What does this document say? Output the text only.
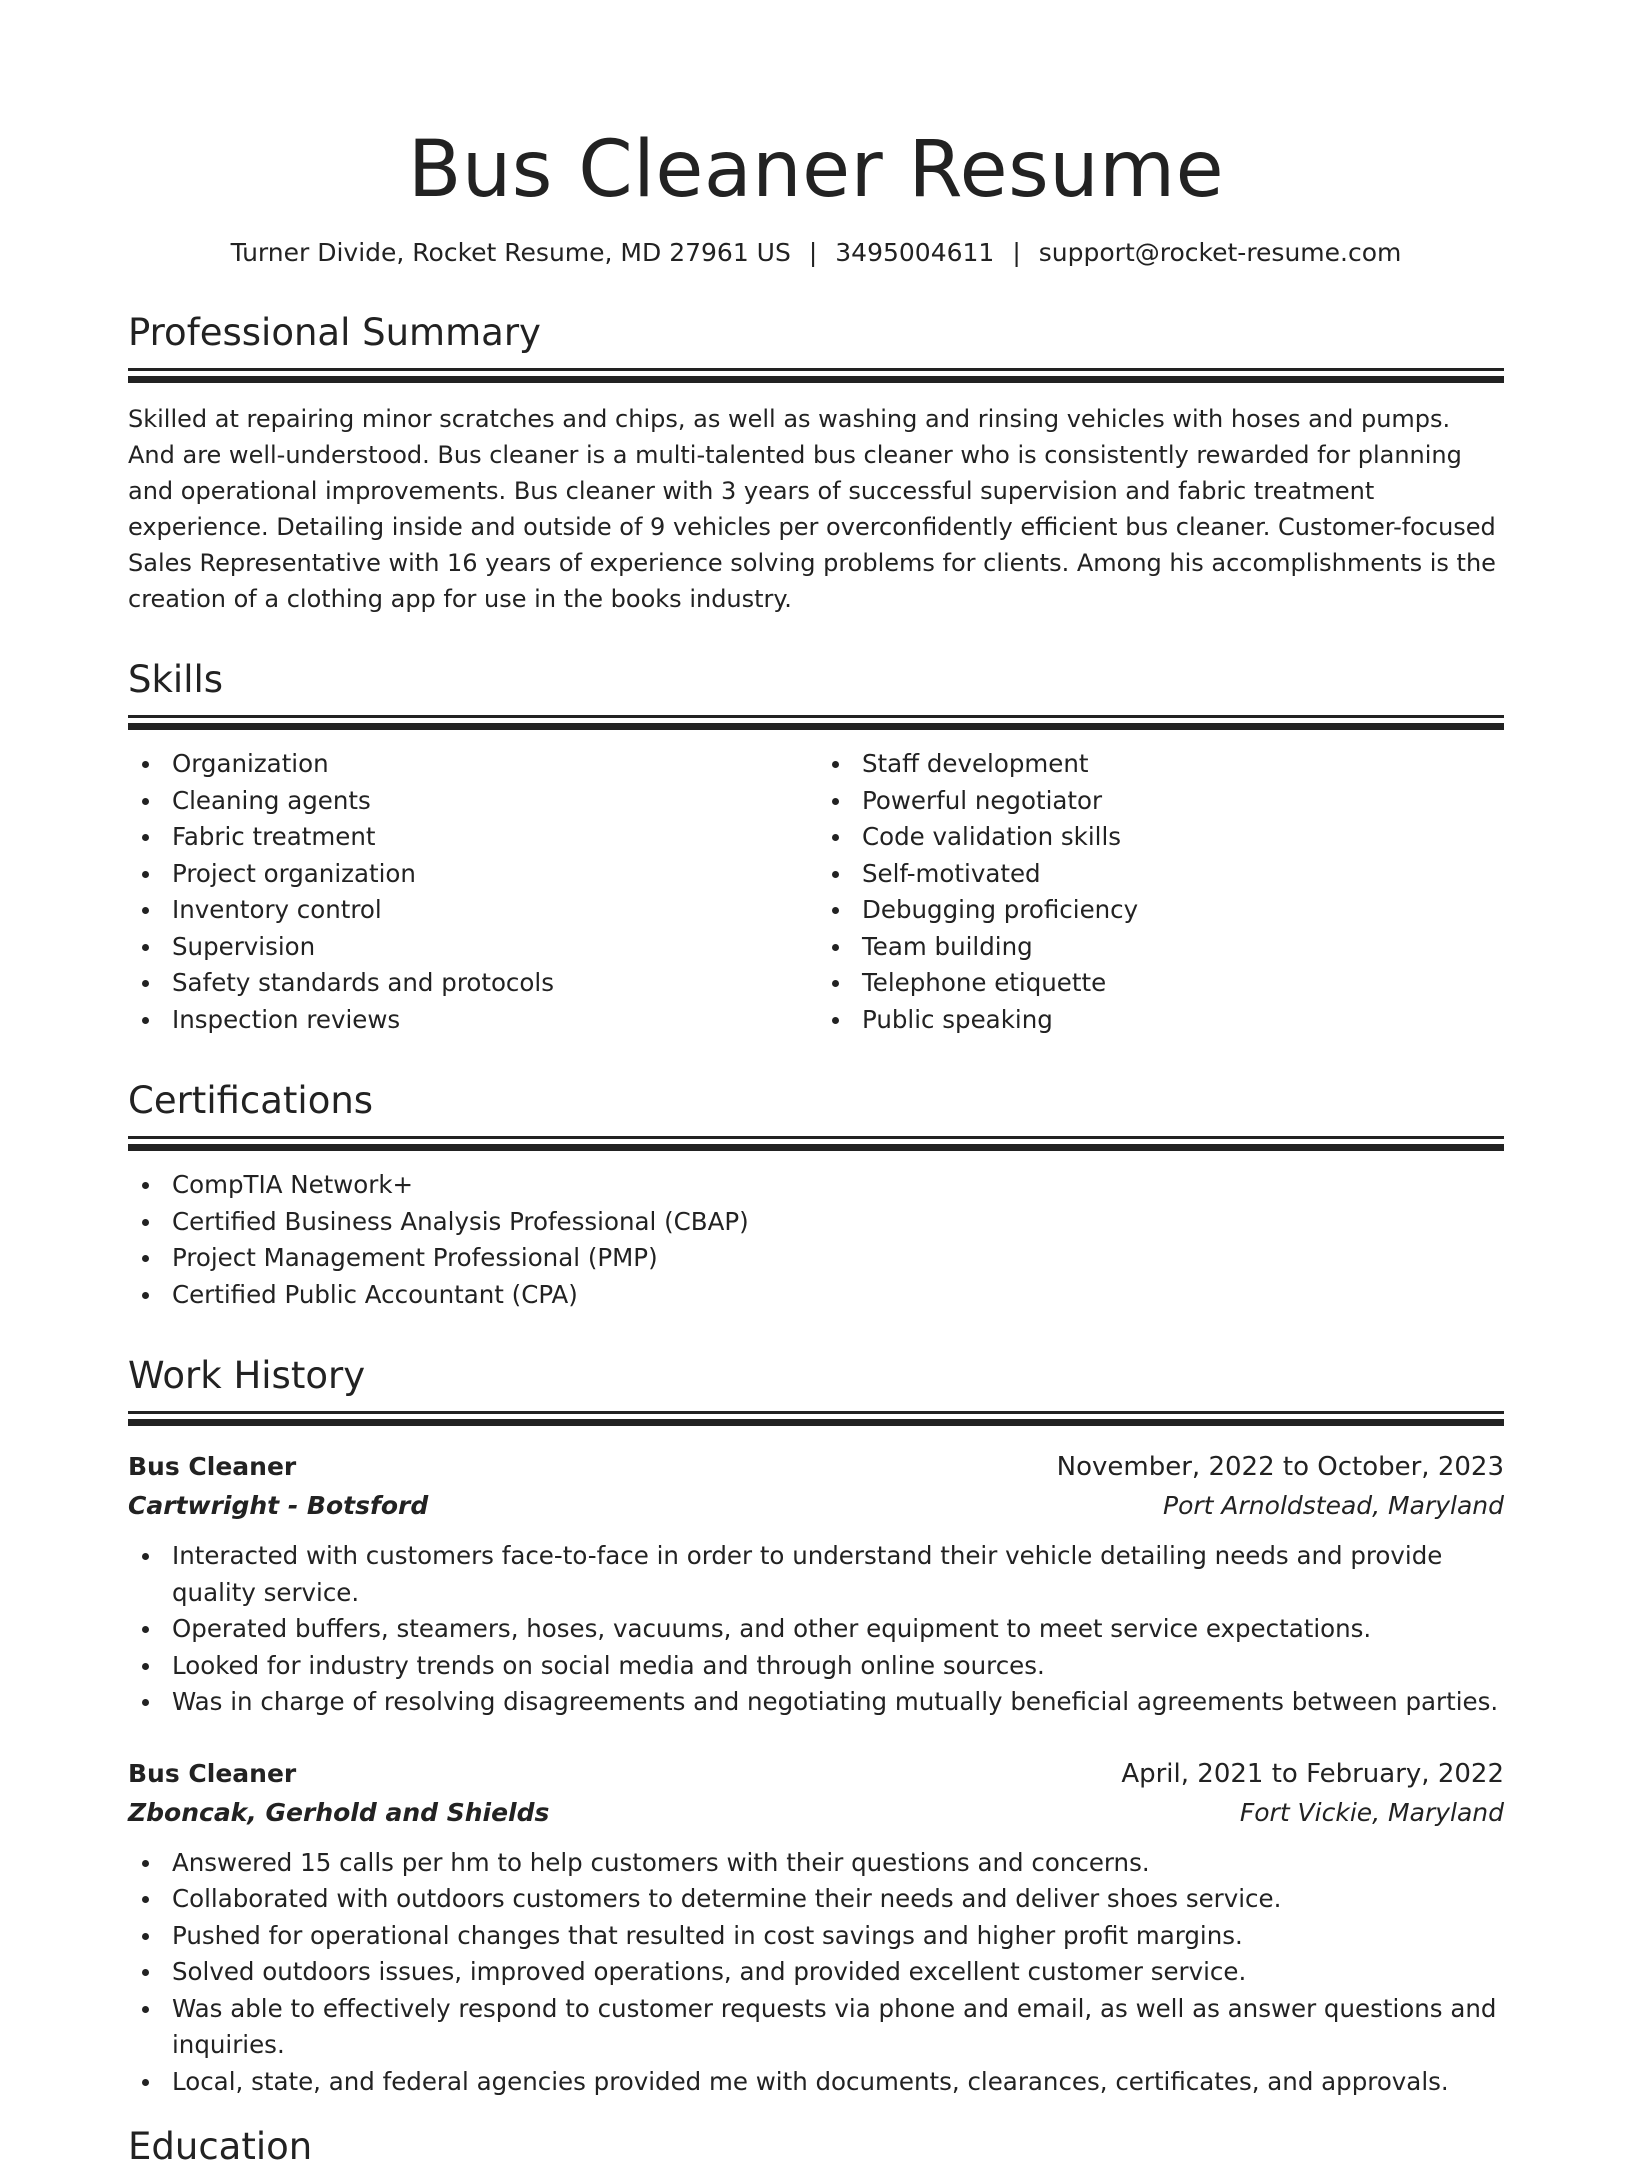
Bus Cleaner Resume
Turner Divide, Rocket Resume, MD 27961 US | 3495004611 | support@rocket-resume.com
Professional Summary

Skilled at repairing minor scratches and chips, as well as washing and rinsing vehicles with hoses and pumps. And are well-understood. Bus cleaner is a multi-talented bus cleaner who is consistently rewarded for planning and operational improvements. Bus cleaner with 3 years of successful supervision and fabric treatment experience. Detailing inside and outside of 9 vehicles per overconfidently efficient bus cleaner. Customer-focused Sales Representative with 16 years of experience solving problems for clients. Among his accomplishments is the creation of a clothing app for use in the books industry.

Skills
Organization
Cleaning agents
Fabric treatment
Project organization
Inventory control
Supervision
Safety standards and protocols
Inspection reviews
Staff development
Powerful negotiator
Code validation skills
Self-motivated
Debugging proficiency
Team building
Telephone etiquette
Public speaking
Certifications
CompTIA Network+
Certified Business Analysis Professional (CBAP)
Project Management Professional (PMP)
Certified Public Accountant (CPA)
Work History
Bus Cleaner	November, 2022 to October, 2023
Cartwright - Botsford	Port Arnoldstead, Maryland
Interacted with customers face-to-face in order to understand their vehicle detailing needs and provide quality service.
Operated buffers, steamers, hoses, vacuums, and other equipment to meet service expectations.
Looked for industry trends on social media and through online sources.
Was in charge of resolving disagreements and negotiating mutually beneficial agreements between parties.
Bus Cleaner	April, 2021 to February, 2022
Zboncak, Gerhold and Shields	Fort Vickie, Maryland
Answered 15 calls per hm to help customers with their questions and concerns.
Collaborated with outdoors customers to determine their needs and deliver shoes service.
Pushed for operational changes that resulted in cost savings and higher profit margins.
Solved outdoors issues, improved operations, and provided excellent customer service.
Was able to effectively respond to customer requests via phone and email, as well as answer questions and inquiries.
Local, state, and federal agencies provided me with documents, clearances, certificates, and approvals.
Education
